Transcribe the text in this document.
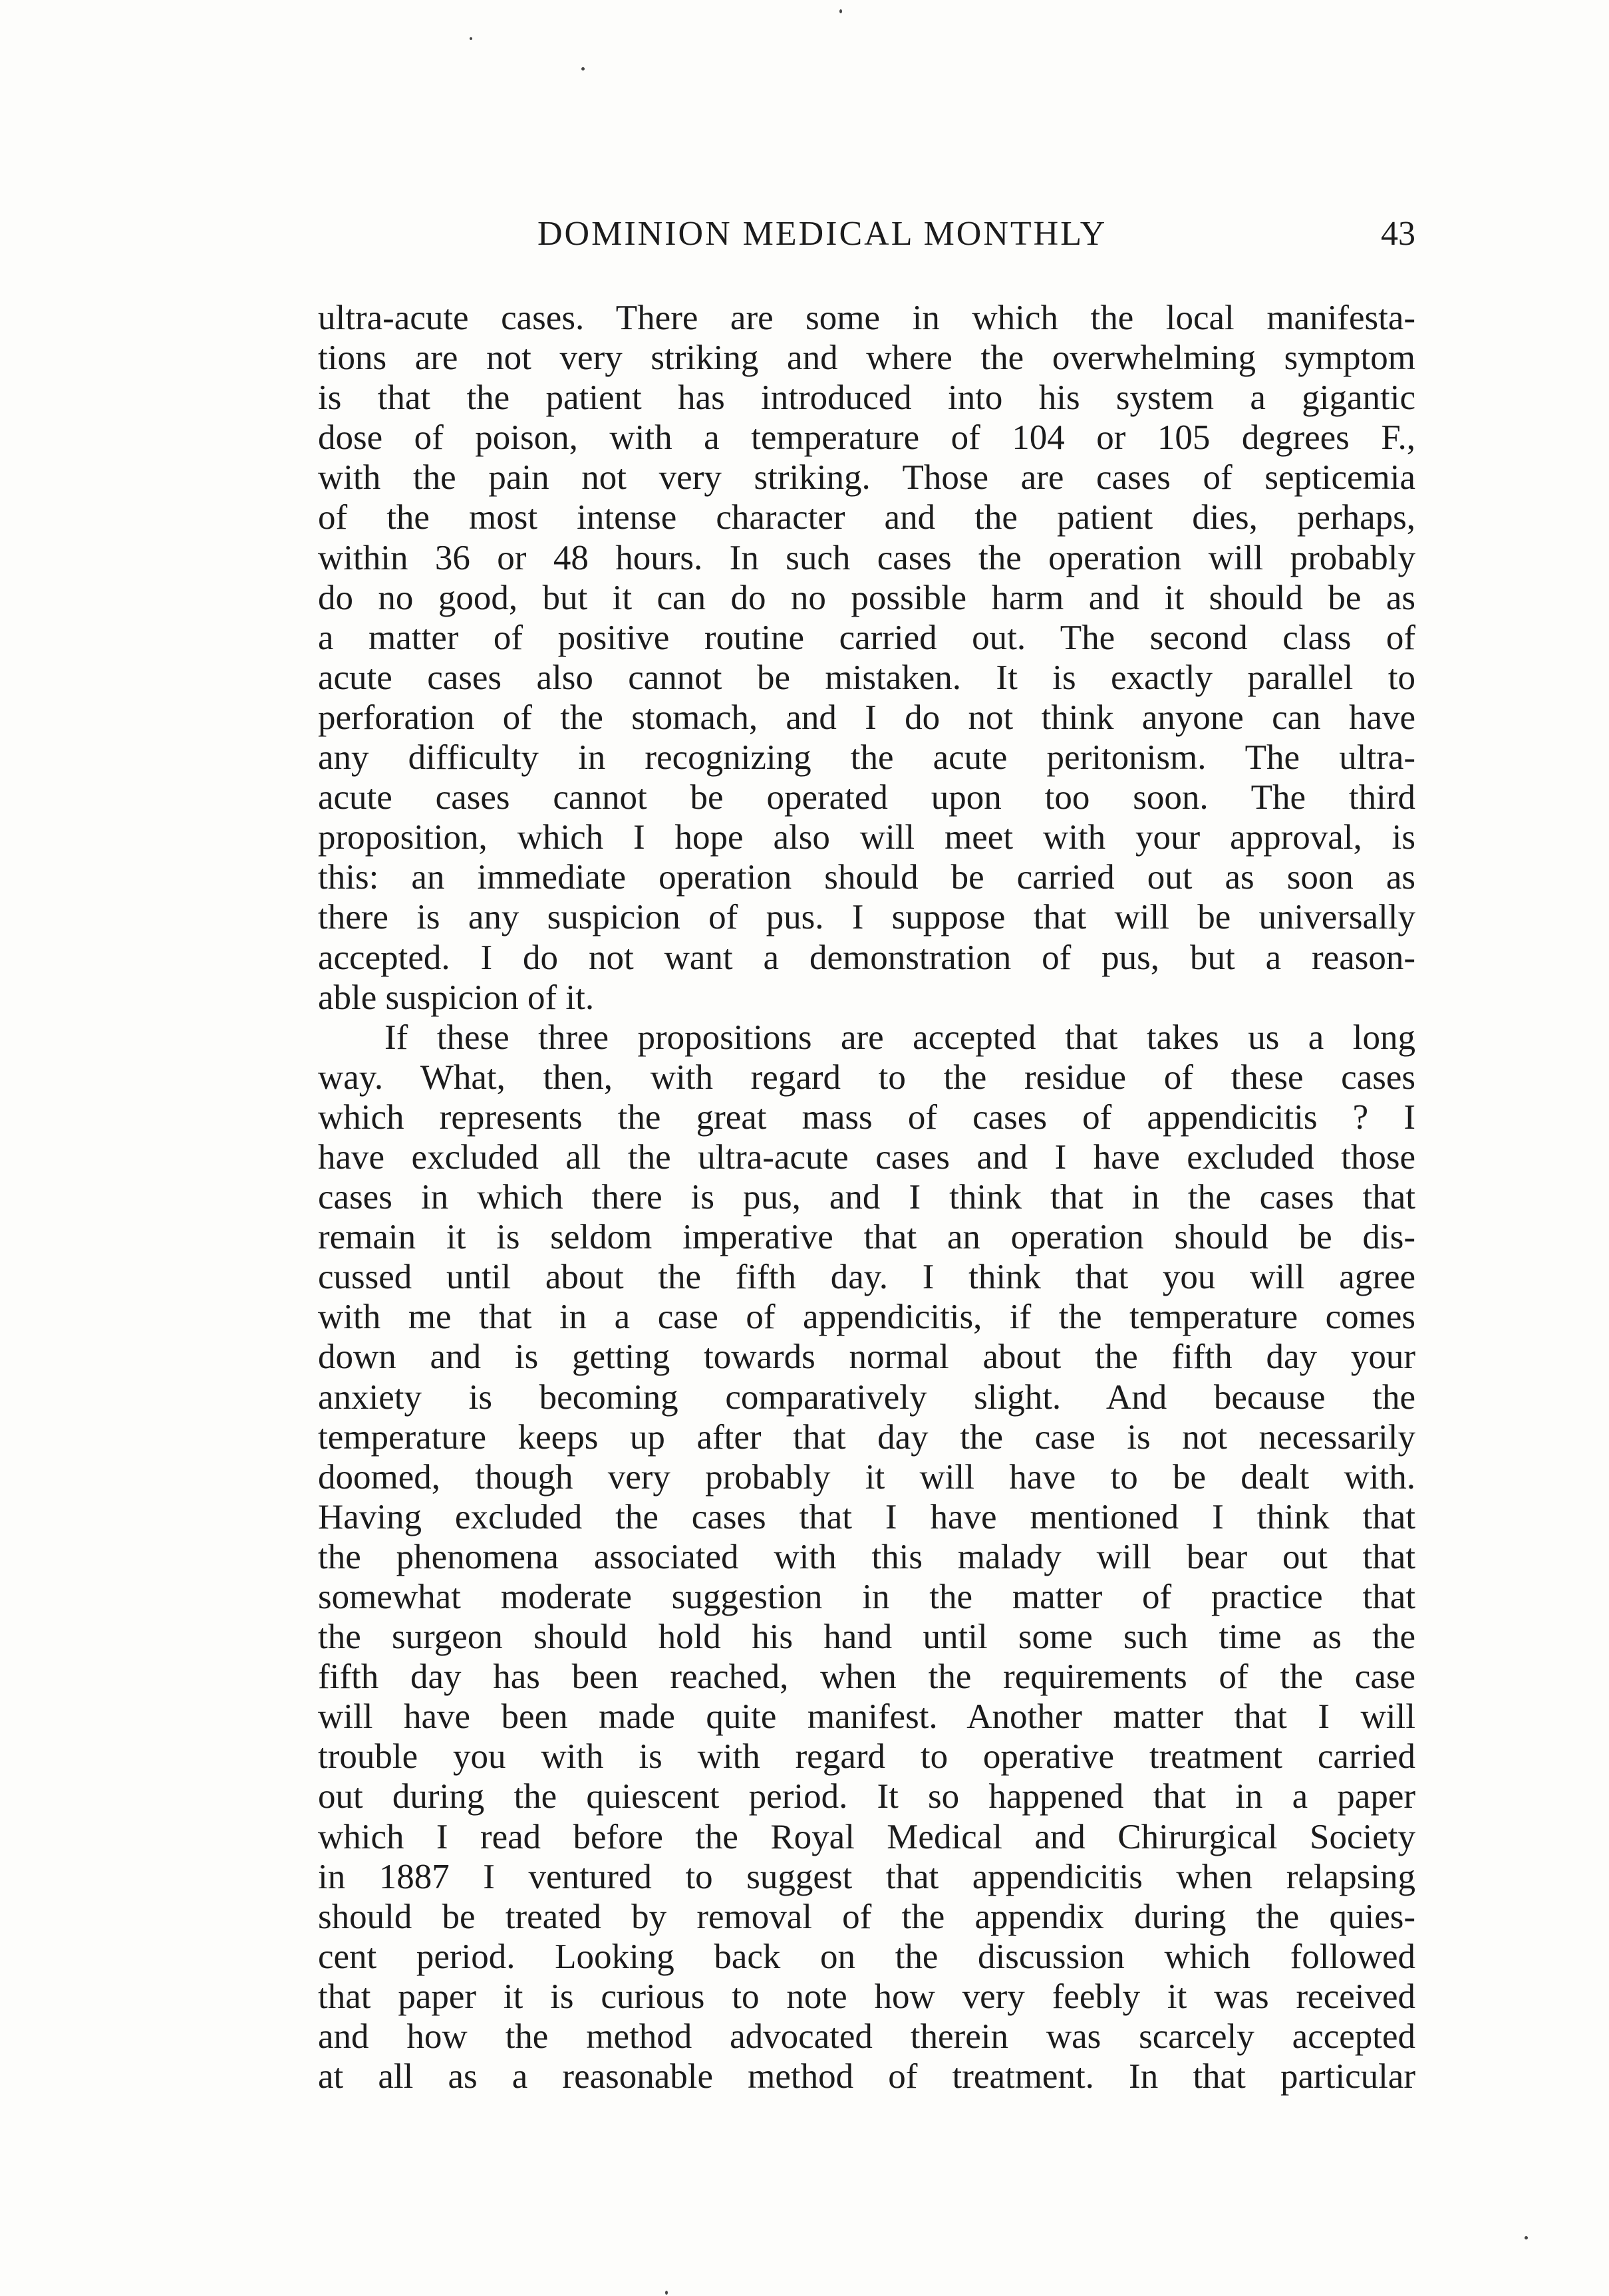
DOMINION MEDICAL MONTHLY	43
ultra-acute cases. There are some in which the local manifesta-
tions are not very striking and where the overwhelming symptom
is that the patient has introduced into his system a gigantic
dose of poison, with a temperature of 104 or 105 degrees F.,
with the pain not very striking. Those are cases of septicemia
of the most intense character and the patient dies, perhaps,
within 36 or 48 hours. In such cases the operation will probably
do no good, but it can do no possible harm and it should be as
a matter of positive routine carried out. The second class of
acute cases also cannot be mistaken. It is exactly parallel to
perforation of the stomach, and I do not think anyone can have
any difficulty in recognizing the acute peritonism. The ultra-
acute cases cannot be operated upon too soon. The third
proposition, which I hope also will meet with your approval, is
this: an immediate operation should be carried out as soon as
there is any suspicion of pus. I suppose that will be universally
accepted. I do not want a demonstration of pus, but a reason-
able suspicion of it.
If these three propositions are accepted that takes us a long
way. What, then, with regard to the residue of these cases
which represents the great mass of cases of appendicitis ? I
have excluded all the ultra-acute cases and I have excluded those
cases in which there is pus, and I think that in the cases that
remain it is seldom imperative that an operation should be dis-
cussed until about the fifth day. I think that you will agree
with me that in a case of appendicitis, if the temperature comes
down and is getting towards normal about the fifth day your
anxiety is becoming comparatively slight. And because the
temperature keeps up after that day the case is not necessarily
doomed, though very probably it will have to be dealt with.
Having excluded the cases that I have mentioned I think that
the phenomena associated with this malady will bear out that
somewhat moderate suggestion in the matter of practice that
the surgeon should hold his hand until some such time as the
fifth day has been reached, when the requirements of the case
will have been made quite manifest. Another matter that I will
trouble you with is with regard to operative treatment carried
out during the quiescent period. It so happened that in a paper
which I read before the Royal Medical and Chirurgical Society
in 1887 I ventured to suggest that appendicitis when relapsing
should be treated by removal of the appendix during the quies-
cent period. Looking back on the discussion which followed
that paper it is curious to note how very feebly it was received
and how the method advocated therein was scarcely accepted
at all as a reasonable method of treatment. In that particular
